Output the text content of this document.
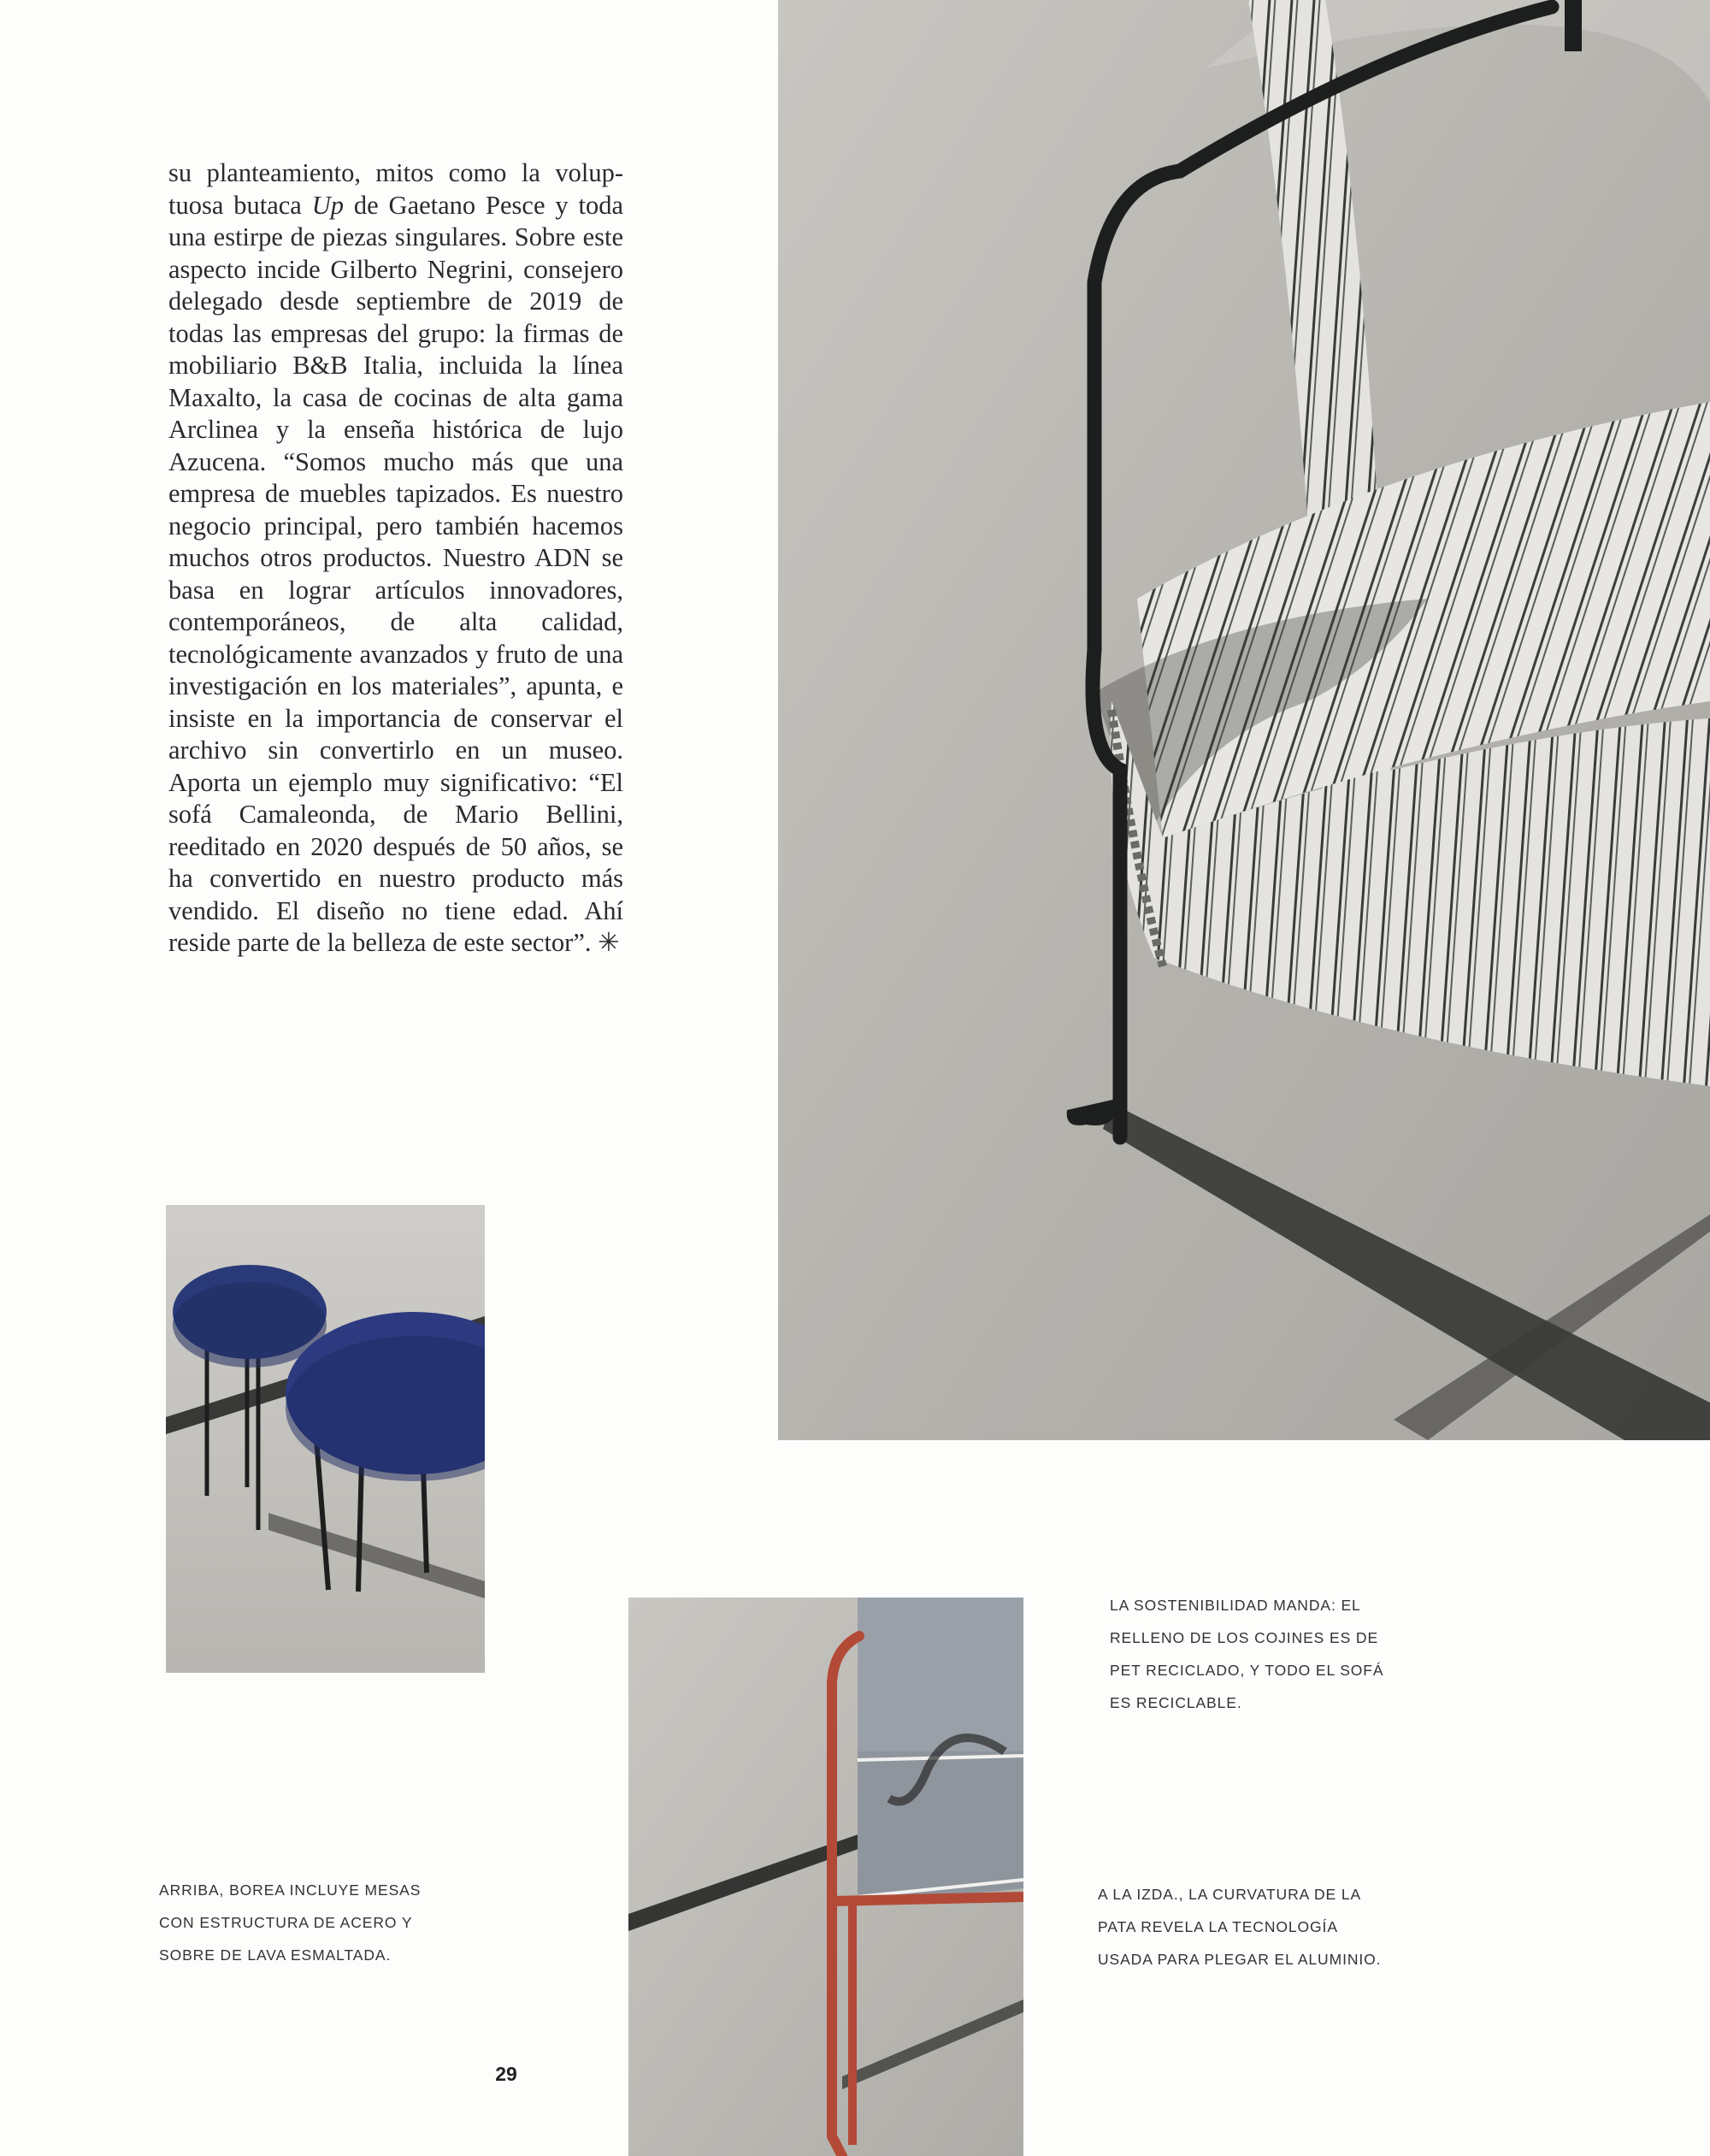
su planteamiento, mitos como la voluptuosa butaca Up de Gaetano Pesce y toda una estirpe de piezas singulares. Sobre este aspecto incide Gilberto Negrini, consejero delegado desde septiembre de 2019 de todas las empresas del grupo: la firmas de mobiliario B&B Italia, incluida la línea Maxalto, la casa de cocinas de alta gama Arclinea y la enseña histórica de lujo Azucena. “Somos mucho más que una empresa de muebles tapizados. Es nuestro negocio principal, pero también hacemos muchos otros productos. Nuestro ADN se basa en lograr artículos innovadores, contemporáneos, de alta calidad, tecnológicamente avanzados y fruto de una investigación en los materiales”, apunta, e insiste en la importancia de conservar el archivo sin convertirlo en un museo. Aporta un ejemplo muy significativo: “El sofá Camaleonda, de Mario Bellini, reeditado en 2020 después de 50 años, se ha convertido en nuestro producto más vendido. El diseño no tiene edad. Ahí reside parte de la belleza de este sector”. ✳

LA SOSTENIBILIDAD MANDA: EL
RELLENO DE LOS COJINES ES DE
PET RECICLADO, Y TODO EL SOFÁ
ES RECICLABLE.

ARRIBA, BOREA INCLUYE MESAS
CON ESTRUCTURA DE ACERO Y
SOBRE DE LAVA ESMALTADA.

A LA IZDA., LA CURVATURA DE LA
PATA REVELA LA TECNOLOGÍA
USADA PARA PLEGAR EL ALUMINIO.

29
